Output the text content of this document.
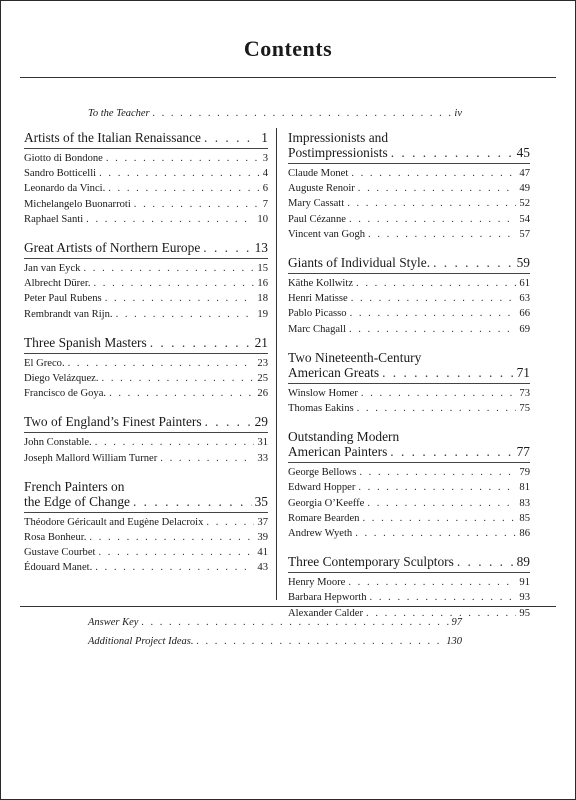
Contents
To the Teacher . . .	iv
Artists of the Italian Renaissance . . .	1
Giotto di Bondone . . .	3
Sandro Botticelli . . .	4
Leonardo da Vinci. . . .	6
Michelangelo Buonarroti . . .	7
Raphael Santi . . .	10
Great Artists of Northern Europe . . .	13
Jan van Eyck . . .	15
Albrecht Dürer. . . .	16
Peter Paul Rubens . . .	18
Rembrandt van Rijn. . . .	19
Three Spanish Masters . . .	21
El Greco. . . .	23
Diego Velázquez. . . .	25
Francisco de Goya. . . .	26
Two of England’s Finest Painters . . .	29
John Constable. . . .	31
Joseph Mallord William Turner . . .	33
French Painters on
the Edge of Change . . .	35
Théodore Géricault and Eugène Delacroix . . .	37
Rosa Bonheur. . . .	39
Gustave Courbet . . .	41
Édouard Manet. . . .	43
Impressionists and
Postimpressionists . . .	45
Claude Monet . . .	47
Auguste Renoir . . .	49
Mary Cassatt . . .	52
Paul Cézanne . . .	54
Vincent van Gogh . . .	57
Giants of Individual Style. . . .	59
Käthe Kollwitz . . .	61
Henri Matisse . . .	63
Pablo Picasso . . .	66
Marc Chagall . . .	69
Two Nineteenth-Century
American Greats . . .	71
Winslow Homer . . .	73
Thomas Eakins . . .	75
Outstanding Modern
American Painters . . .	77
George Bellows . . .	79
Edward Hopper . . .	81
Georgia O’Keeffe . . .	83
Romare Bearden . . .	85
Andrew Wyeth . . .	86
Three Contemporary Sculptors . . .	89
Henry Moore . . .	91
Barbara Hepworth . . .	93
Alexander Calder . . .	95
Answer Key . . .	97
Additional Project Ideas. . . .	130
